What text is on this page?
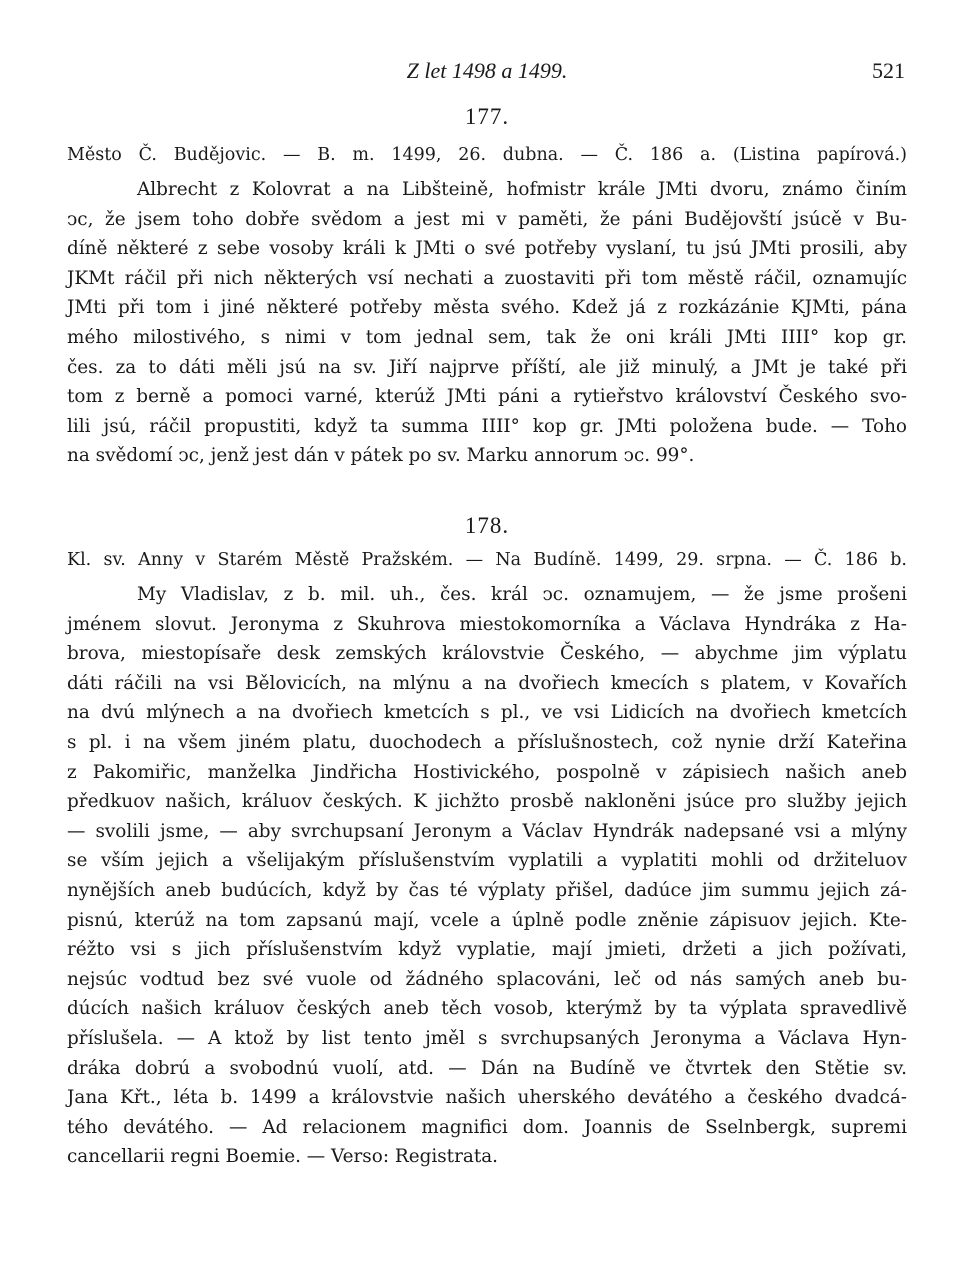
Z let 1498 a 1499.	521
177.
Město Č. Budějovic. — B. m. 1499, 26. dubna. — Č. 186 a. (Listina papírová.)
Albrecht z Kolovrat a na Libšteině, hofmistr krále JMti dvoru, známo činím
ↄc, že jsem toho dobře svědom a jest mi v paměti, že páni Budějovští jsúcě v Bu-
díně některé z sebe vosoby králi k JMti o své potřeby vyslaní, tu jsú JMti prosili, aby
JKMt ráčil při nich některých vsí nechati a zuostaviti při tom městě ráčil, oznamujíc
JMti při tom i jiné některé potřeby města svého. Kdež já z rozkázánie KJMti, pána
mého milostivého, s nimi v tom jednal sem, tak že oni králi JMti IIII° kop gr.
čes. za to dáti měli jsú na sv. Jiří najprve příští, ale již minulý, a JMt je také při
tom z berně a pomoci varné, kterúž JMti páni a rytieřstvo království Českého svo-
lili jsú, ráčil propustiti, když ta summa IIII° kop gr. JMti položena bude. — Toho
na svědomí ↄc, jenž jest dán v pátek po sv. Marku annorum ↄc. 99°.
178.
Kl. sv. Anny v Starém Městě Pražském. — Na Budíně. 1499, 29. srpna. — Č. 186 b.
My Vladislav, z b. mil. uh., čes. král ↄc. oznamujem, — že jsme prošeni
jménem slovut. Jeronyma z Skuhrova miestokomorníka a Václava Hyndráka z Ha-
brova, miestopísaře desk zemských královstvie Českého, — abychme jim výplatu
dáti ráčili na vsi Bělovicích, na mlýnu a na dvořiech kmecích s platem, v Kovařích
na dvú mlýnech a na dvořiech kmetcích s pl., ve vsi Lidicích na dvořiech kmetcích
s pl. i na všem jiném platu, duochodech a příslušnostech, což nynie drží Kateřina
z Pakomiřic, manželka Jindřicha Hostivického, pospolně v zápisiech našich aneb
předkuov našich, králuov českých. K jichžto prosbě nakloněni jsúce pro služby jejich
— svolili jsme, — aby svrchupsaní Jeronym a Václav Hyndrák nadepsané vsi a mlýny
se vším jejich a všelijakým příslušenstvím vyplatili a vyplatiti mohli od držiteluov
nynějších aneb budúcích, když by čas té výplaty přišel, dadúce jim summu jejich zá-
pisnú, kterúž na tom zapsanú mají, vcele a úplně podle zněnie zápisuov jejich. Kte-
réžto vsi s jich příslušenstvím když vyplatie, mají jmieti, držeti a jich požívati,
nejsúc vodtud bez své vuole od žádného splacováni, leč od nás samých aneb bu-
dúcích našich králuov českých aneb těch vosob, kterýmž by ta výplata spravedlivě
příslušela. — A ktož by list tento jměl s svrchupsaných Jeronyma a Václava Hyn-
dráka dobrú a svobodnú vuolí, atd. — Dán na Budíně ve čtvrtek den Stětie sv.
Jana Křt., léta b. 1499 a královstvie našich uherského devátého a českého dvadcá-
tého devátého. — Ad relacionem magnifici dom. Joannis de Sselnbergk, supremi
cancellarii regni Boemie. — Verso: Registrata.
